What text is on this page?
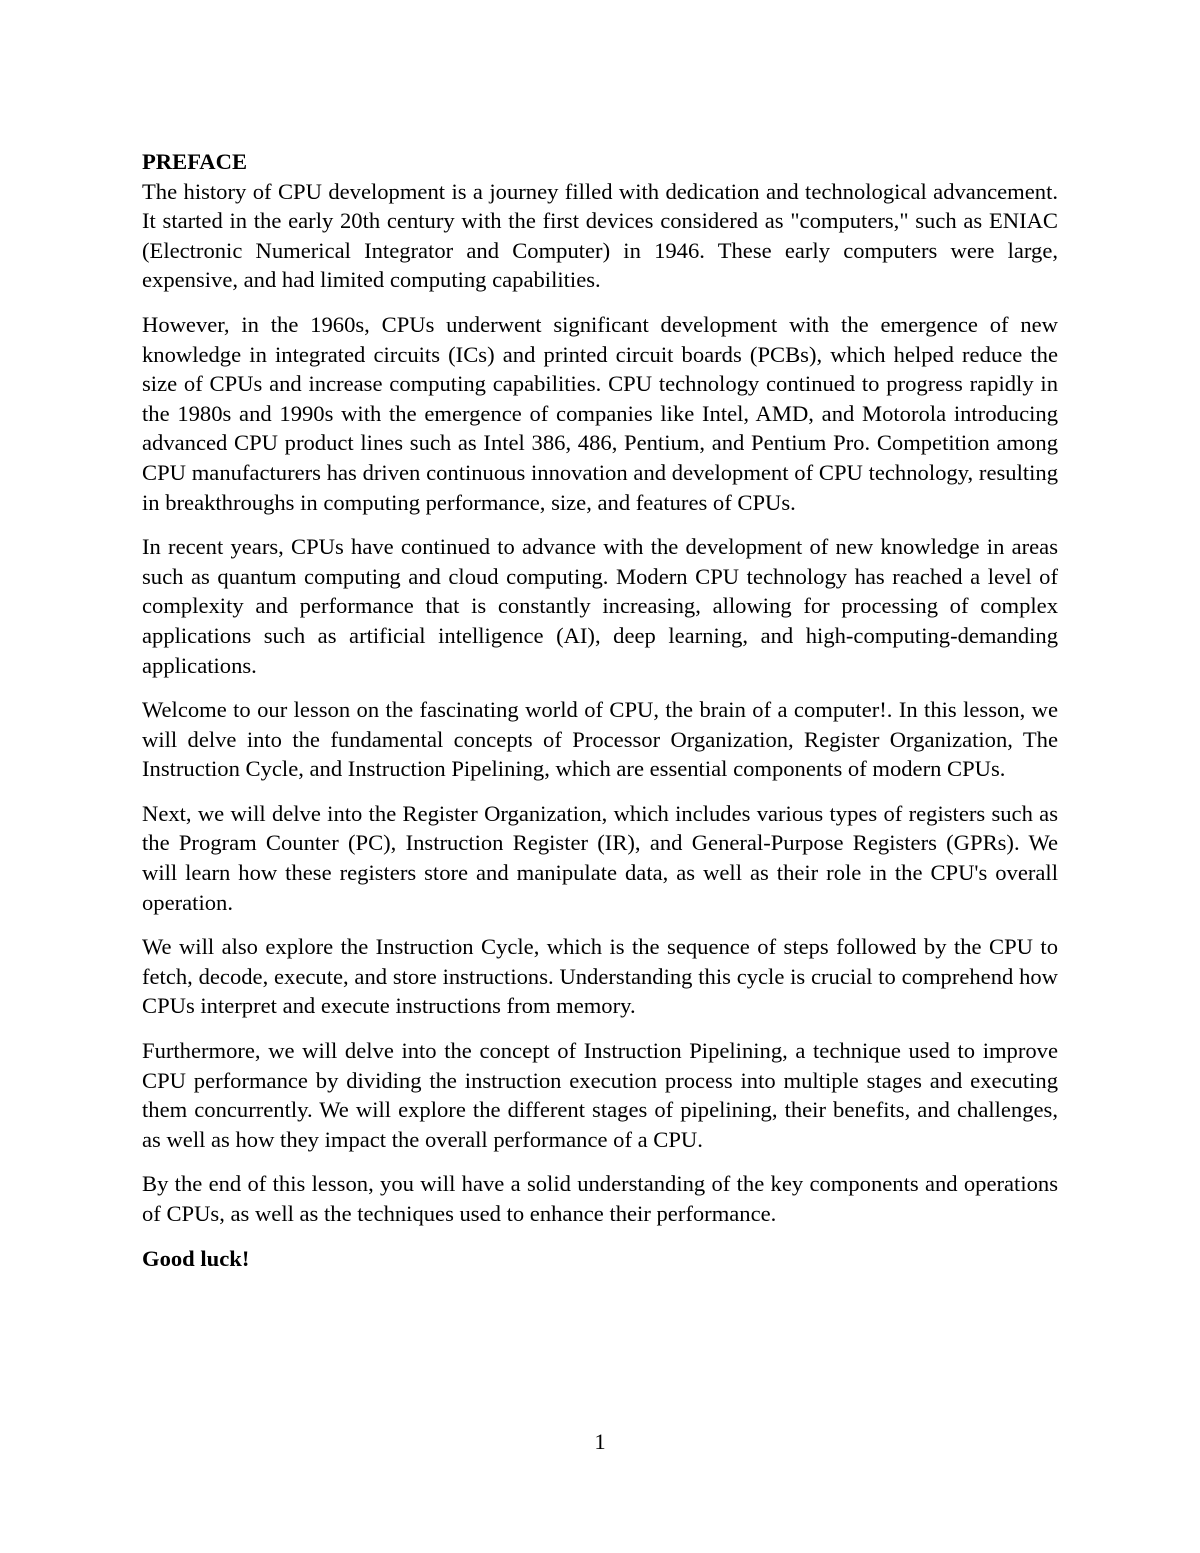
PREFACE

The history of CPU development is a journey filled with dedication and technological advancement. It started in the early 20th century with the first devices considered as "computers," such as ENIAC (Electronic Numerical Integrator and Computer) in 1946. These early computers were large, expensive, and had limited computing capabilities.

However, in the 1960s, CPUs underwent significant development with the emergence of new knowledge in integrated circuits (ICs) and printed circuit boards (PCBs), which helped reduce the size of CPUs and increase computing capabilities. CPU technology continued to progress rapidly in the 1980s and 1990s with the emergence of companies like Intel, AMD, and Motorola introducing advanced CPU product lines such as Intel 386, 486, Pentium, and Pentium Pro. Competition among CPU manufacturers has driven continuous innovation and development of CPU technology, resulting in breakthroughs in computing performance, size, and features of CPUs.

In recent years, CPUs have continued to advance with the development of new knowledge in areas such as quantum computing and cloud computing. Modern CPU technology has reached a level of complexity and performance that is constantly increasing, allowing for processing of complex applications such as artificial intelligence (AI), deep learning, and high-computing-demanding applications.

Welcome to our lesson on the fascinating world of CPU, the brain of a computer!. In this lesson, we will delve into the fundamental concepts of Processor Organization, Register Organization, The Instruction Cycle, and Instruction Pipelining, which are essential components of modern CPUs.

Next, we will delve into the Register Organization, which includes various types of registers such as the Program Counter (PC), Instruction Register (IR), and General-Purpose Registers (GPRs). We will learn how these registers store and manipulate data, as well as their role in the CPU's overall operation.

We will also explore the Instruction Cycle, which is the sequence of steps followed by the CPU to fetch, decode, execute, and store instructions. Understanding this cycle is crucial to comprehend how CPUs interpret and execute instructions from memory.

Furthermore, we will delve into the concept of Instruction Pipelining, a technique used to improve CPU performance by dividing the instruction execution process into multiple stages and executing them concurrently. We will explore the different stages of pipelining, their benefits, and challenges, as well as how they impact the overall performance of a CPU.

By the end of this lesson, you will have a solid understanding of the key components and operations of CPUs, as well as the techniques used to enhance their performance.

Good luck!

1
